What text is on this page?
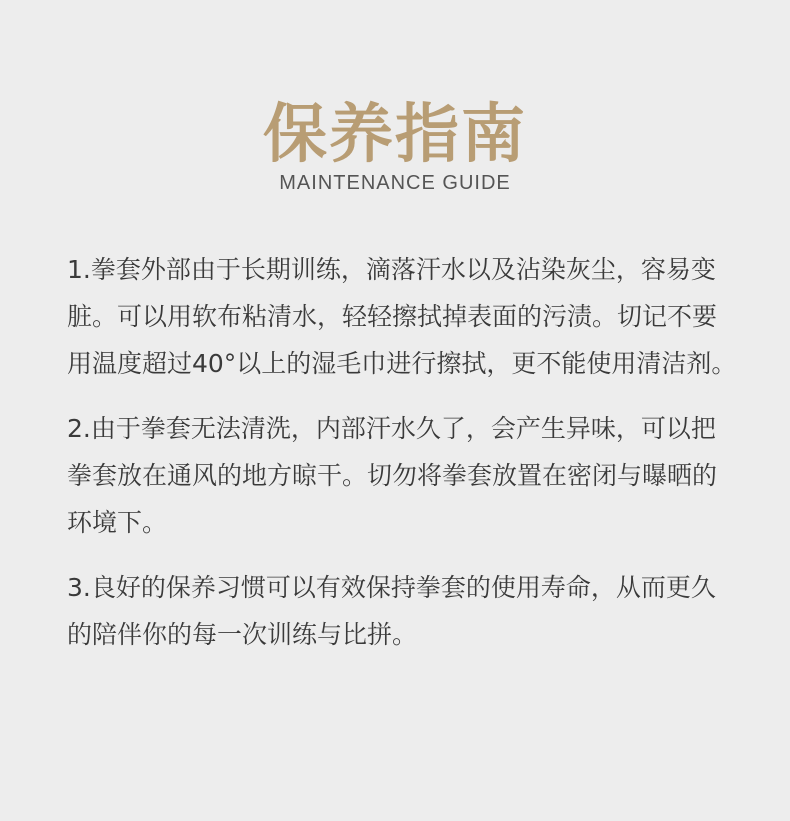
保养指南
MAINTENANCE GUIDE

1.拳套外部由于长期训练，滴落汗水以及沾染灰尘，容易变脏。可以用软布粘清水，轻轻擦拭掉表面的污渍。切记不要用温度超过40°以上的湿毛巾进行擦拭，更不能使用清洁剂。

2.由于拳套无法清洗，内部汗水久了，会产生异味，可以把拳套放在通风的地方晾干。切勿将拳套放置在密闭与曝晒的环境下。

3.良好的保养习惯可以有效保持拳套的使用寿命，从而更久的陪伴你的每一次训练与比拼。
